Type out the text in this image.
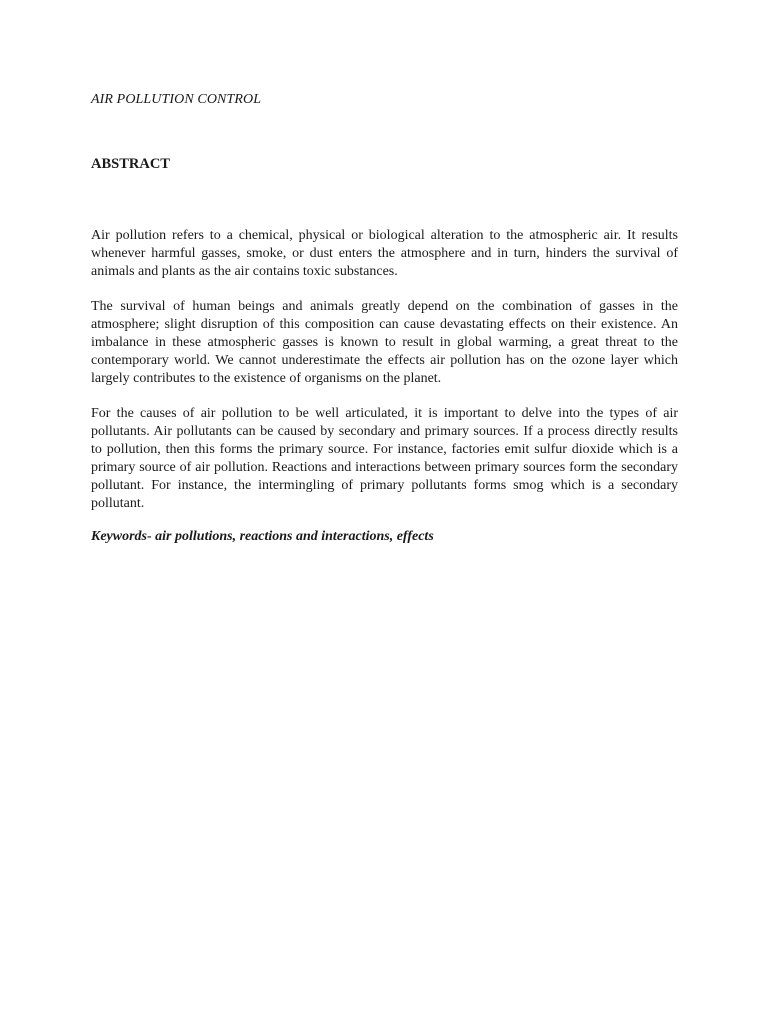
AIR POLLUTION CONTROL

ABSTRACT

Air pollution refers to a chemical, physical or biological alteration to the atmospheric air. It results whenever harmful gasses, smoke, or dust enters the atmosphere and in turn, hinders the survival of animals and plants as the air contains toxic substances.

The survival of human beings and animals greatly depend on the combination of gasses in the atmosphere; slight disruption of this composition can cause devastating effects on their existence. An imbalance in these atmospheric gasses is known to result in global warming, a great threat to the contemporary world. We cannot underestimate the effects air pollution has on the ozone layer which largely contributes to the existence of organisms on the planet.

For the causes of air pollution to be well articulated, it is important to delve into the types of air pollutants. Air pollutants can be caused by secondary and primary sources. If a process directly results to pollution, then this forms the primary source. For instance, factories emit sulfur dioxide which is a primary source of air pollution. Reactions and interactions between primary sources form the secondary pollutant. For instance, the intermingling of primary pollutants forms smog which is a secondary pollutant.

Keywords- air pollutions, reactions and interactions, effects
